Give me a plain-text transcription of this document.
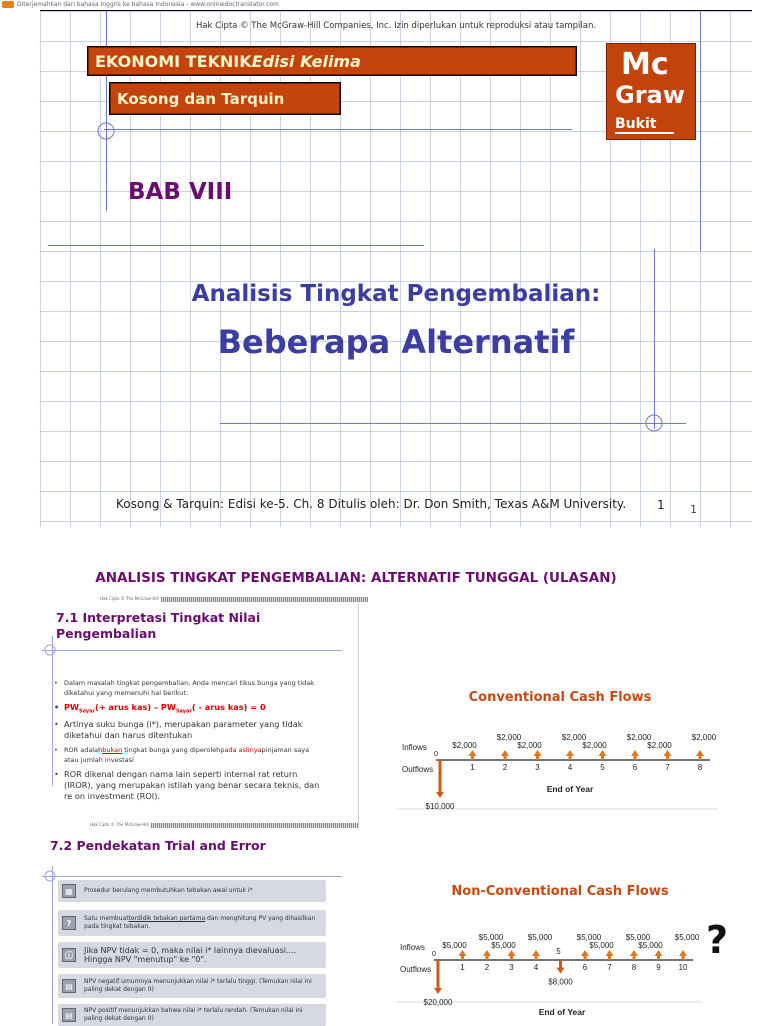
Diterjemahkan dari bahasa Inggris ke bahasa Indonesia - www.onlinedoctranslator.com
Hak Cipta © The McGraw-Hill Companies, Inc. Izin diperlukan untuk reproduksi atau tampilan.
EKONOMI TEKNIKEdisi Kelima
Kosong dan Tarquin
Mc
Graw
Bukit
BAB VIII
Analisis Tingkat Pengembalian:
Beberapa Alternatif
Kosong & Tarquin: Edisi ke-5. Ch. 8 Ditulis oleh: Dr. Don Smith, Texas A&M University.	1 1
ANALISIS TINGKAT PENGEMBALIAN: ALTERNATIF TUNGGAL (ULASAN)
Hak Cipta © The McGraw-Hill
7.1 Interpretasi Tingkat Nilai Pengembalian
• Dalam masalah tingkat pengembalian, Anda mencari tikus bunga yang tidak diketahui yang memenuhi hal berikut:
• $PW_{Sayar}(+$ arus $kas) - PW_{Sayar}$( - arus kas) = 0
• Artinya suku bunga (i*), merupakan parameter yang tidak diketahui dan harus ditentukan
• ROR adalahbukan tingkat bunga yang diperolehpada aslinyapinjaman saya atau jumlah investasi
• ROR dikenal dengan nama lain seperti internal rat return (IROR), yang merupakan istilah yang benar secara teknis, dan re on investment (ROI).
Hak Cipta © The McGraw-Hill
7.2 Pendekatan Trial and Error
▦	Prosedur berulang membutuhkan tebakan awal untuk i*
?	Satu membuatterdidik tebakan pertama dan menghitung PV yang dihasilkan pada tingkat tebakan.
ⓘ	Jika NPV tidak = 0, maka nilai i* lainnya dievaluasi.... Hingga NPV "menutup" ke "0".
▤	NPV negatif umumnya menunjukkan nilai i* terlalu tinggi. (Temukan nilai ini paling dekat dengan 0)
▤	NPV positif menunjukkan bahwa nilai i* terlalu rendah. (Temukan nilai ini paling dekat dengan 0)
Conventional Cash Flows
Inflows
Outflows
0
$10,000
1
$2,000
2
$2,000
3
$2,000
4
$2,000
5
$2,000
6
$2,000
7
$2,000
8
$2,000
End of Year
Non-Conventional Cash Flows
Inflows
Outflows
0
$20,000
1
$5,000
2
$5,000
3
$5,000
4
$5,000
5
$8,000
6
$5,000
7
$5,000
8
$5,000
9
$5,000
10
$5,000
End of Year
?
